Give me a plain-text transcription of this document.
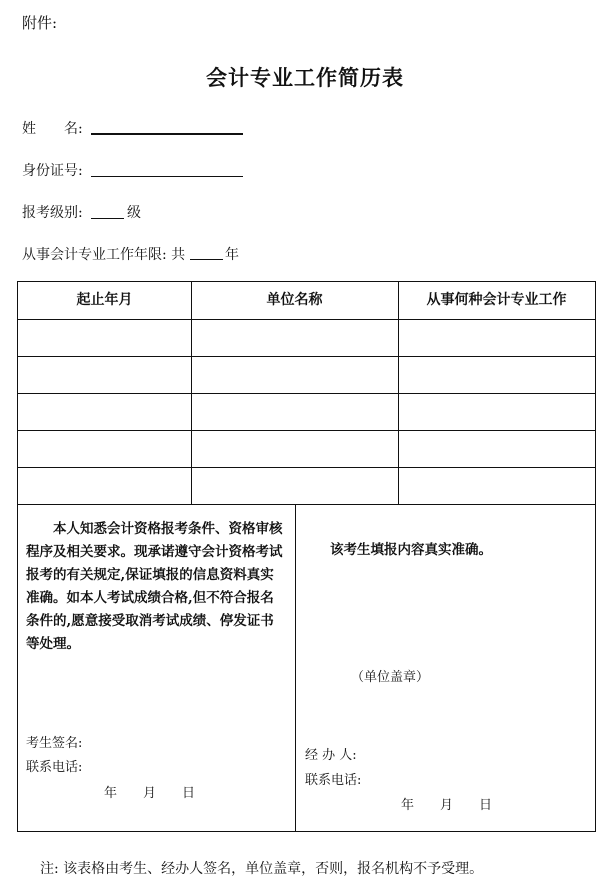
附件:
会计专业工作简历表
姓　　名:
身份证号:
报考级别:	级
从事会计专业工作年限: 共	年
起止年月	单位名称	从事何种会计专业工作
本人知悉会计资格报考条件、资格审核
程序及相关要求。现承诺遵守会计资格考试
报考的有关规定,保证填报的信息资料真实
准确。如本人考试成绩合格,但不符合报名
条件的,愿意接受取消考试成绩、停发证书
等处理。
考生签名:
联系电话:
年　　月　　日
该考生填报内容真实准确。
（单位盖章）
经 办 人:
联系电话:
年　　月　　日
注: 该表格由考生、经办人签名，单位盖章，否则，报名机构不予受理。
